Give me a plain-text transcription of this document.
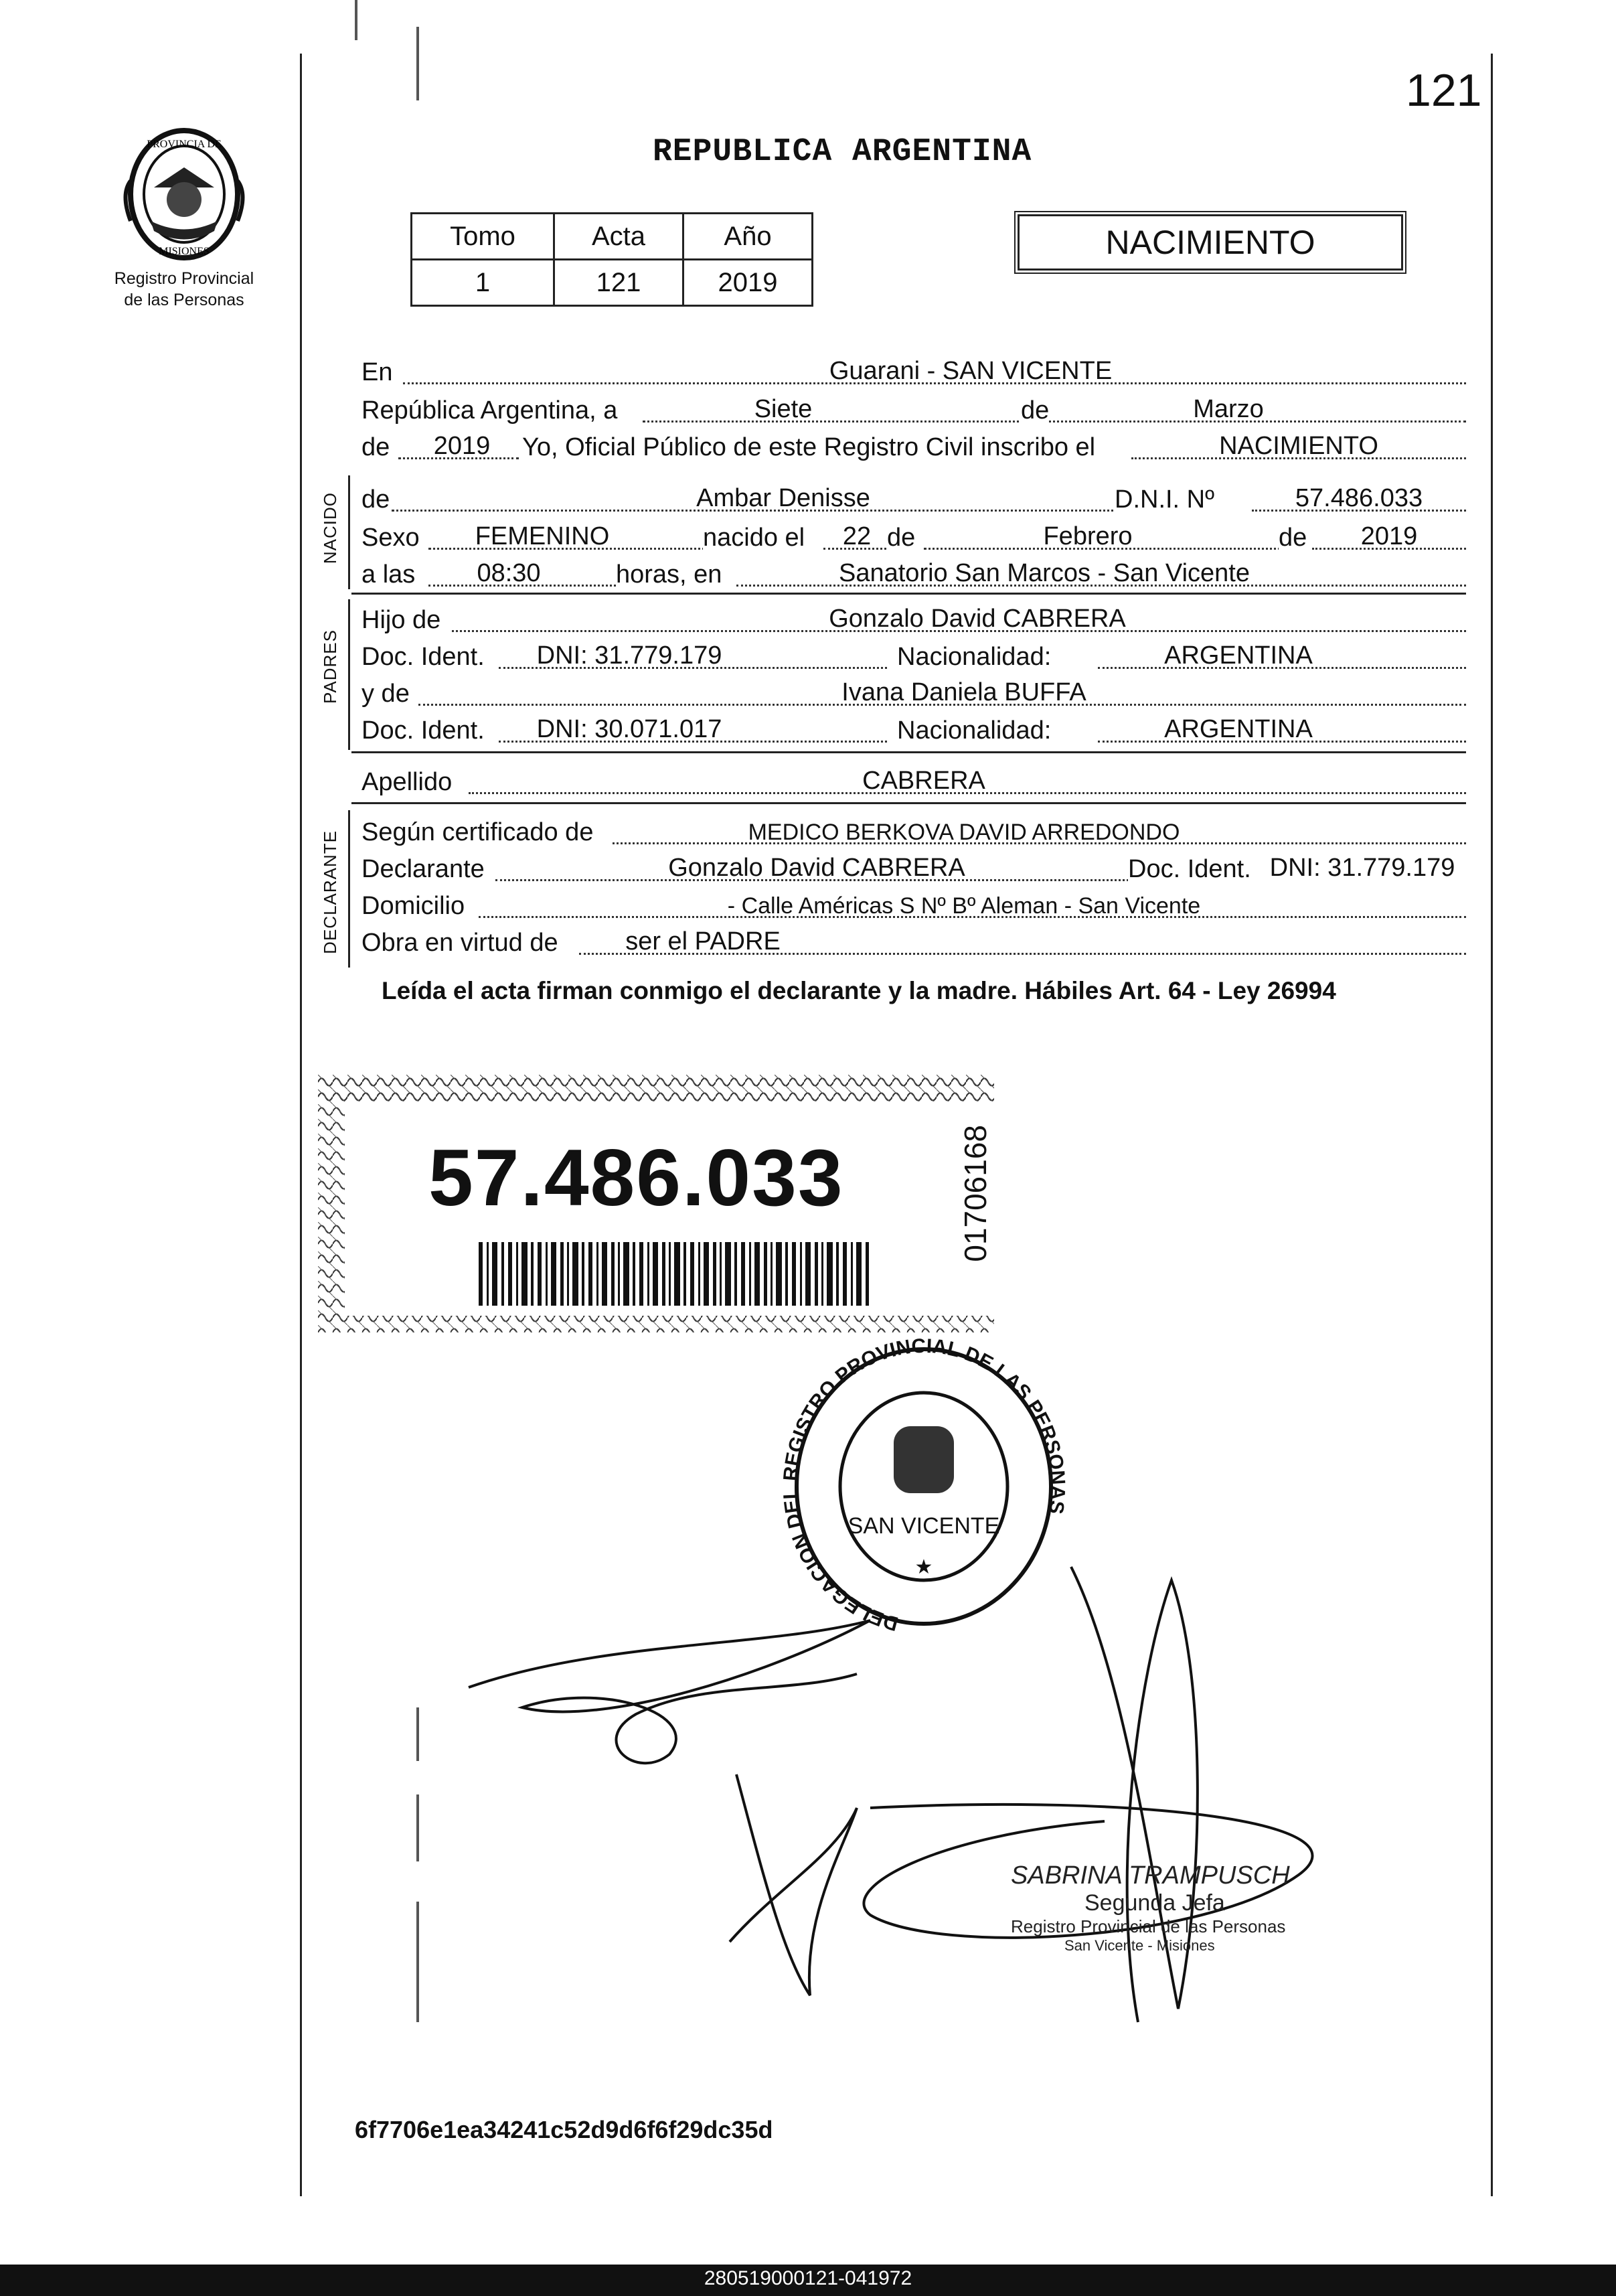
121
REPUBLICA ARGENTINA
PROVINCIA DE
MISIONES
Registro Provincial
de las Personas
Tomo	Acta	Año
1	121	2019
NACIMIENTO
En	Guarani - SAN VICENTE
República Argentina, a	Siete	de	Marzo
de	2019	Yo, Oficial Público de este Registro Civil inscribo el	NACIMIENTO
NACIDO de	Ambar Denisse	D.N.I. Nº	57.486.033
Sexo	FEMENINO	nacido el	22 de	Febrero	de	2019
a las	08:30	horas, en	Sanatorio San Marcos - San Vicente
PADRES
Hijo de	Gonzalo David CABRERA
Doc. Ident.	DNI: 31.779.179	Nacionalidad:	ARGENTINA
y de	Ivana Daniela BUFFA
Doc. Ident.	DNI: 30.071.017	Nacionalidad:	ARGENTINA
Apellido	CABRERA
DECLARANTE Según certificado de	MEDICO BERKOVA DAVID ARREDONDO
Declarante	Gonzalo David CABRERA	Doc. Ident. DNI: 31.779.179
Domicilio	- Calle Américas S Nº Bº Aleman - San Vicente
Obra en virtud de	ser el PADRE
Leída el acta firman conmigo el declarante y la madre. Hábiles Art. 64 - Ley 26994
57.486.033	01706168
DELEGACION DEL REGISTRO PROVINCIAL DE LAS PERSONAS
SAN VICENTE
★
SABRINA TRAMPUSCH
Segunda Jefa
Registro Provincial de las Personas
San Vicente - Misiones
6f7706e1ea34241c52d9d6f6f29dc35d
280519000121-041972
